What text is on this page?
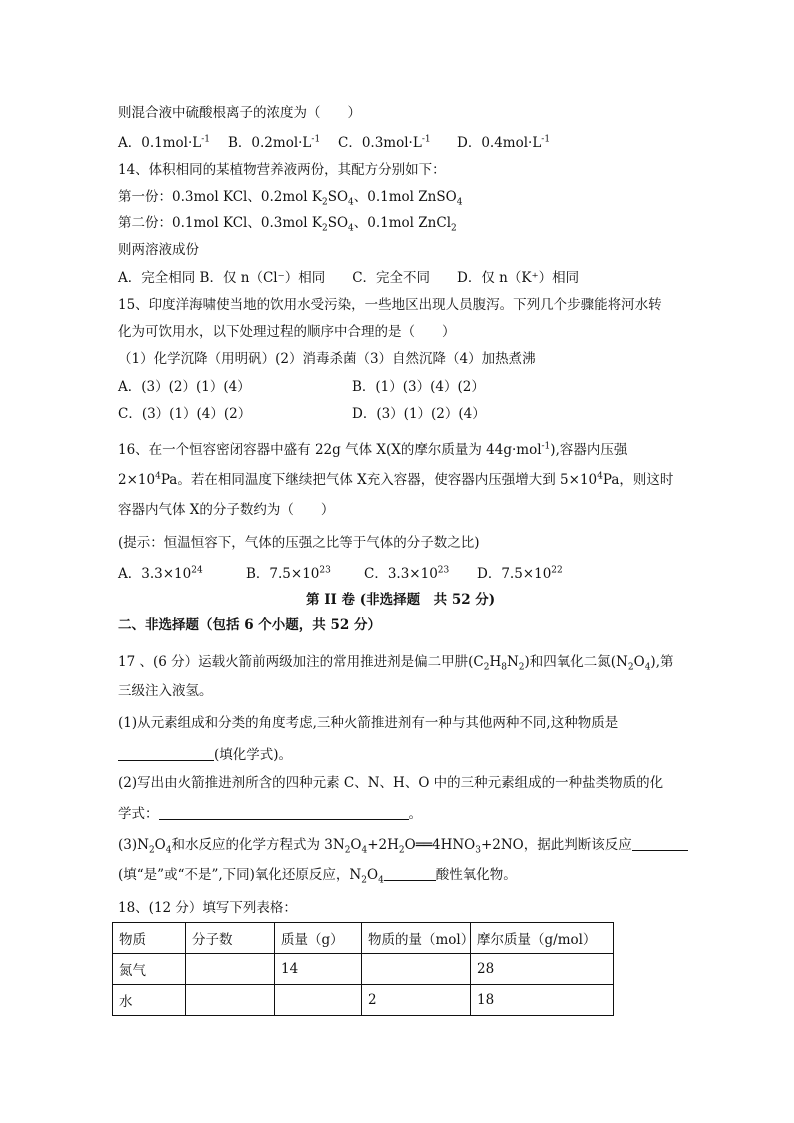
则混合液中硫酸根离子的浓度为（　　）
A．$0.1mol\cdot L^{-1}$ B．$0.2mol\cdot L^{-1}$ C．$0.3mol\cdot L^{-1}$ D．$0.4mol\cdot L^{-1}$
14、体积相同的某植物营养液两份，其配方分别如下：
第一份：0.3mol KCl、0.2mol $K_2SO_4$、0.1mol ZnSO$_4$
第二份：0.1mol KCl、0.3mol $K_2SO_4$、0.1mol ZnCl$_2$
则两溶液成份
A．完全相同 B．仅 n（Cl⁻）相同　　C．完全不同　　D．仅 n（K⁺）相同
15、印度洋海啸使当地的饮用水受污染，一些地区出现人员腹泻。下列几个步骤能将河水转
化为可饮用水，以下处理过程的顺序中合理的是（　　）
（1）化学沉降（用明矾）(2）消毒杀菌（3）自然沉降（4）加热煮沸
A．(3）(2）(1）(4）	B．(1）(3）(4）(2）
C．(3）(1）(4）(2）	D．(3）(1）(2）(4）
16、在一个恒容密闭容器中盛有 22g 气体 X(X的摩尔质量为 44g·mol$^{-1}$),容器内压强
$2\times 10^4Pa$。若在相同温度下继续把气体 X充入容器，使容器内压强增大到 $5\times 10^4Pa$，则这时
容器内气体 X的分子数约为（　　）
(提示：恒温恒容下，气体的压强之比等于气体的分子数之比)
A．$3.3\times 10^{24}$	B．$7.5\times 10^{23}$ C．$3.3\times 10^{23}$ D．$7.5\times 10^{22}$
第 II 卷 (非选择题　共 52 分)
二、非选择题（包括 6 个小题，共 52 分）
17 、(6 分）运载火箭前两级加注的常用推进剂是偏二甲肼$(C_2H_8N_2)$和四氧化二氮$(N_2O_4)$,第
三级注入液氢。
(1)从元素组成和分类的角度考虑,三种火箭推进剂有一种与其他两种不同,这种物质是
(填化学式)。
(2)写出由火箭推进剂所含的四种元素 C、N、H、O 中的三种元素组成的一种盐类物质的化
学式：	。
$(3)N_2O_4$和水反应的化学方程式为 $3N_2O_4+2H_2O══4HNO_3+2NO$，据此判断该反应
(填“是”或“不是”,下同)氧化还原反应，$N_2O_4$	酸性氧化物。
18、(12 分）填写下列表格：
物质	分子数	质量（g）	物质的量（mol）	摩尔质量（g/mol）
氮气		14		28
水			2	18
